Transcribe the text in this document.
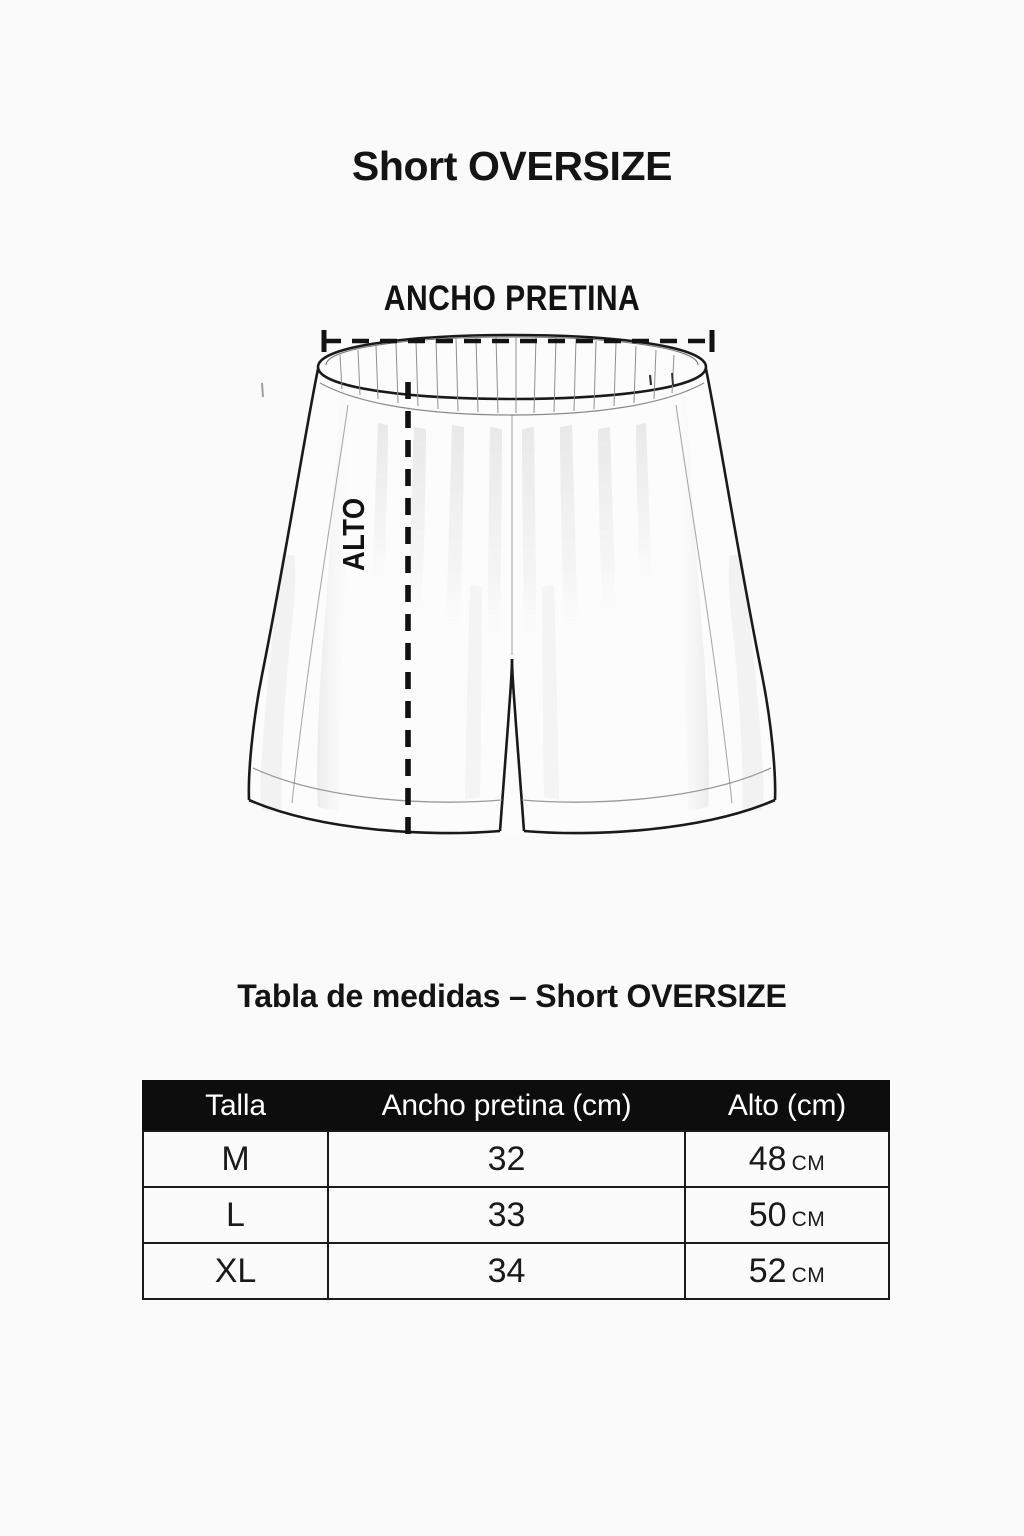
Short OVERSIZE
ANCHO PRETINA
ALTO
Tabla de medidas – Short OVERSIZE
Talla	Ancho pretina (cm)	Alto (cm)
M	32	48 CM
L	33	50 CM
XL	34	52 CM
